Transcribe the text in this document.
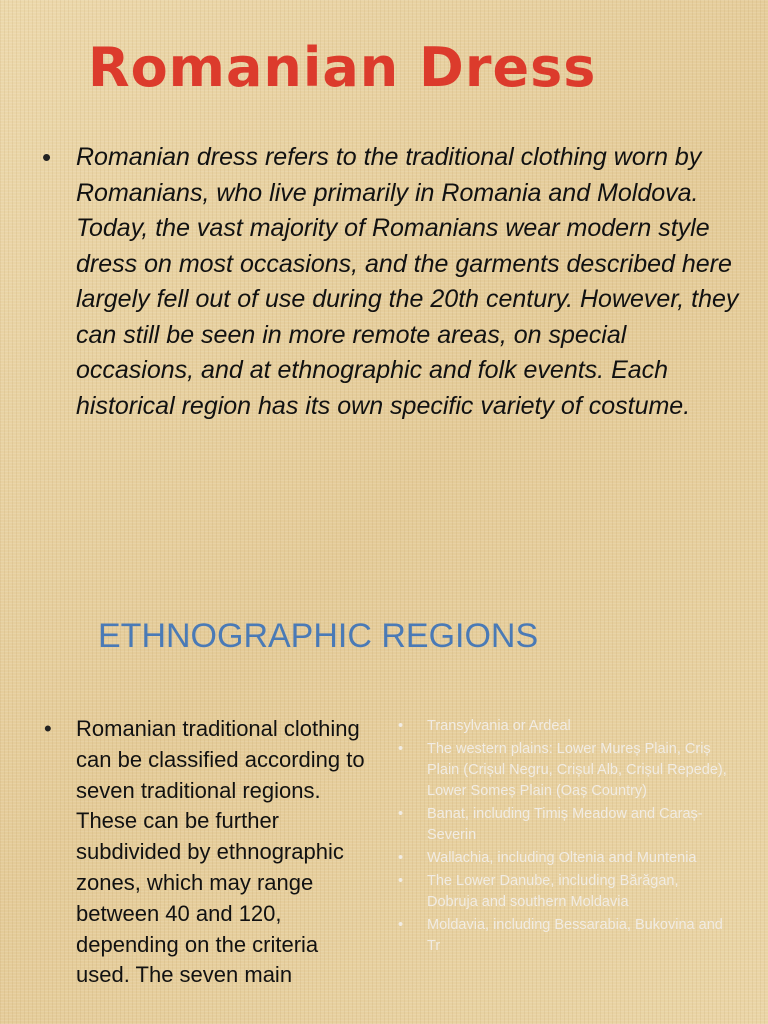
Romanian Dress
• Romanian dress refers to the traditional clothing worn by Romanians, who live primarily in Romania and Moldova. Today, the vast majority of Romanians wear modern style dress on most occasions, and the garments described here largely fell out of use during the 20th century. However, they can still be seen in more remote areas, on special occasions, and at ethnographic and folk events. Each historical region has its own specific variety of costume.

ETHNOGRAPHIC REGIONS
• Romanian traditional clothing can be classified according to seven traditional regions. These can be further subdivided by ethnographic zones, which may range between 40 and 120, depending on the criteria used. The seven main

• Transylvania or Ardeal
• The western plains: Lower Mureș Plain, Criș Plain (Crișul Negru, Crișul Alb, Crișul Repede), Lower Someș Plain (Oaș Country)
• Banat, including Timiș Meadow and Caraș-Severin
• Wallachia, including Oltenia and Muntenia
• The Lower Danube, including Bărăgan, Dobruja and southern Moldavia
• Moldavia, including Bessarabia, Bukovina and Tr
